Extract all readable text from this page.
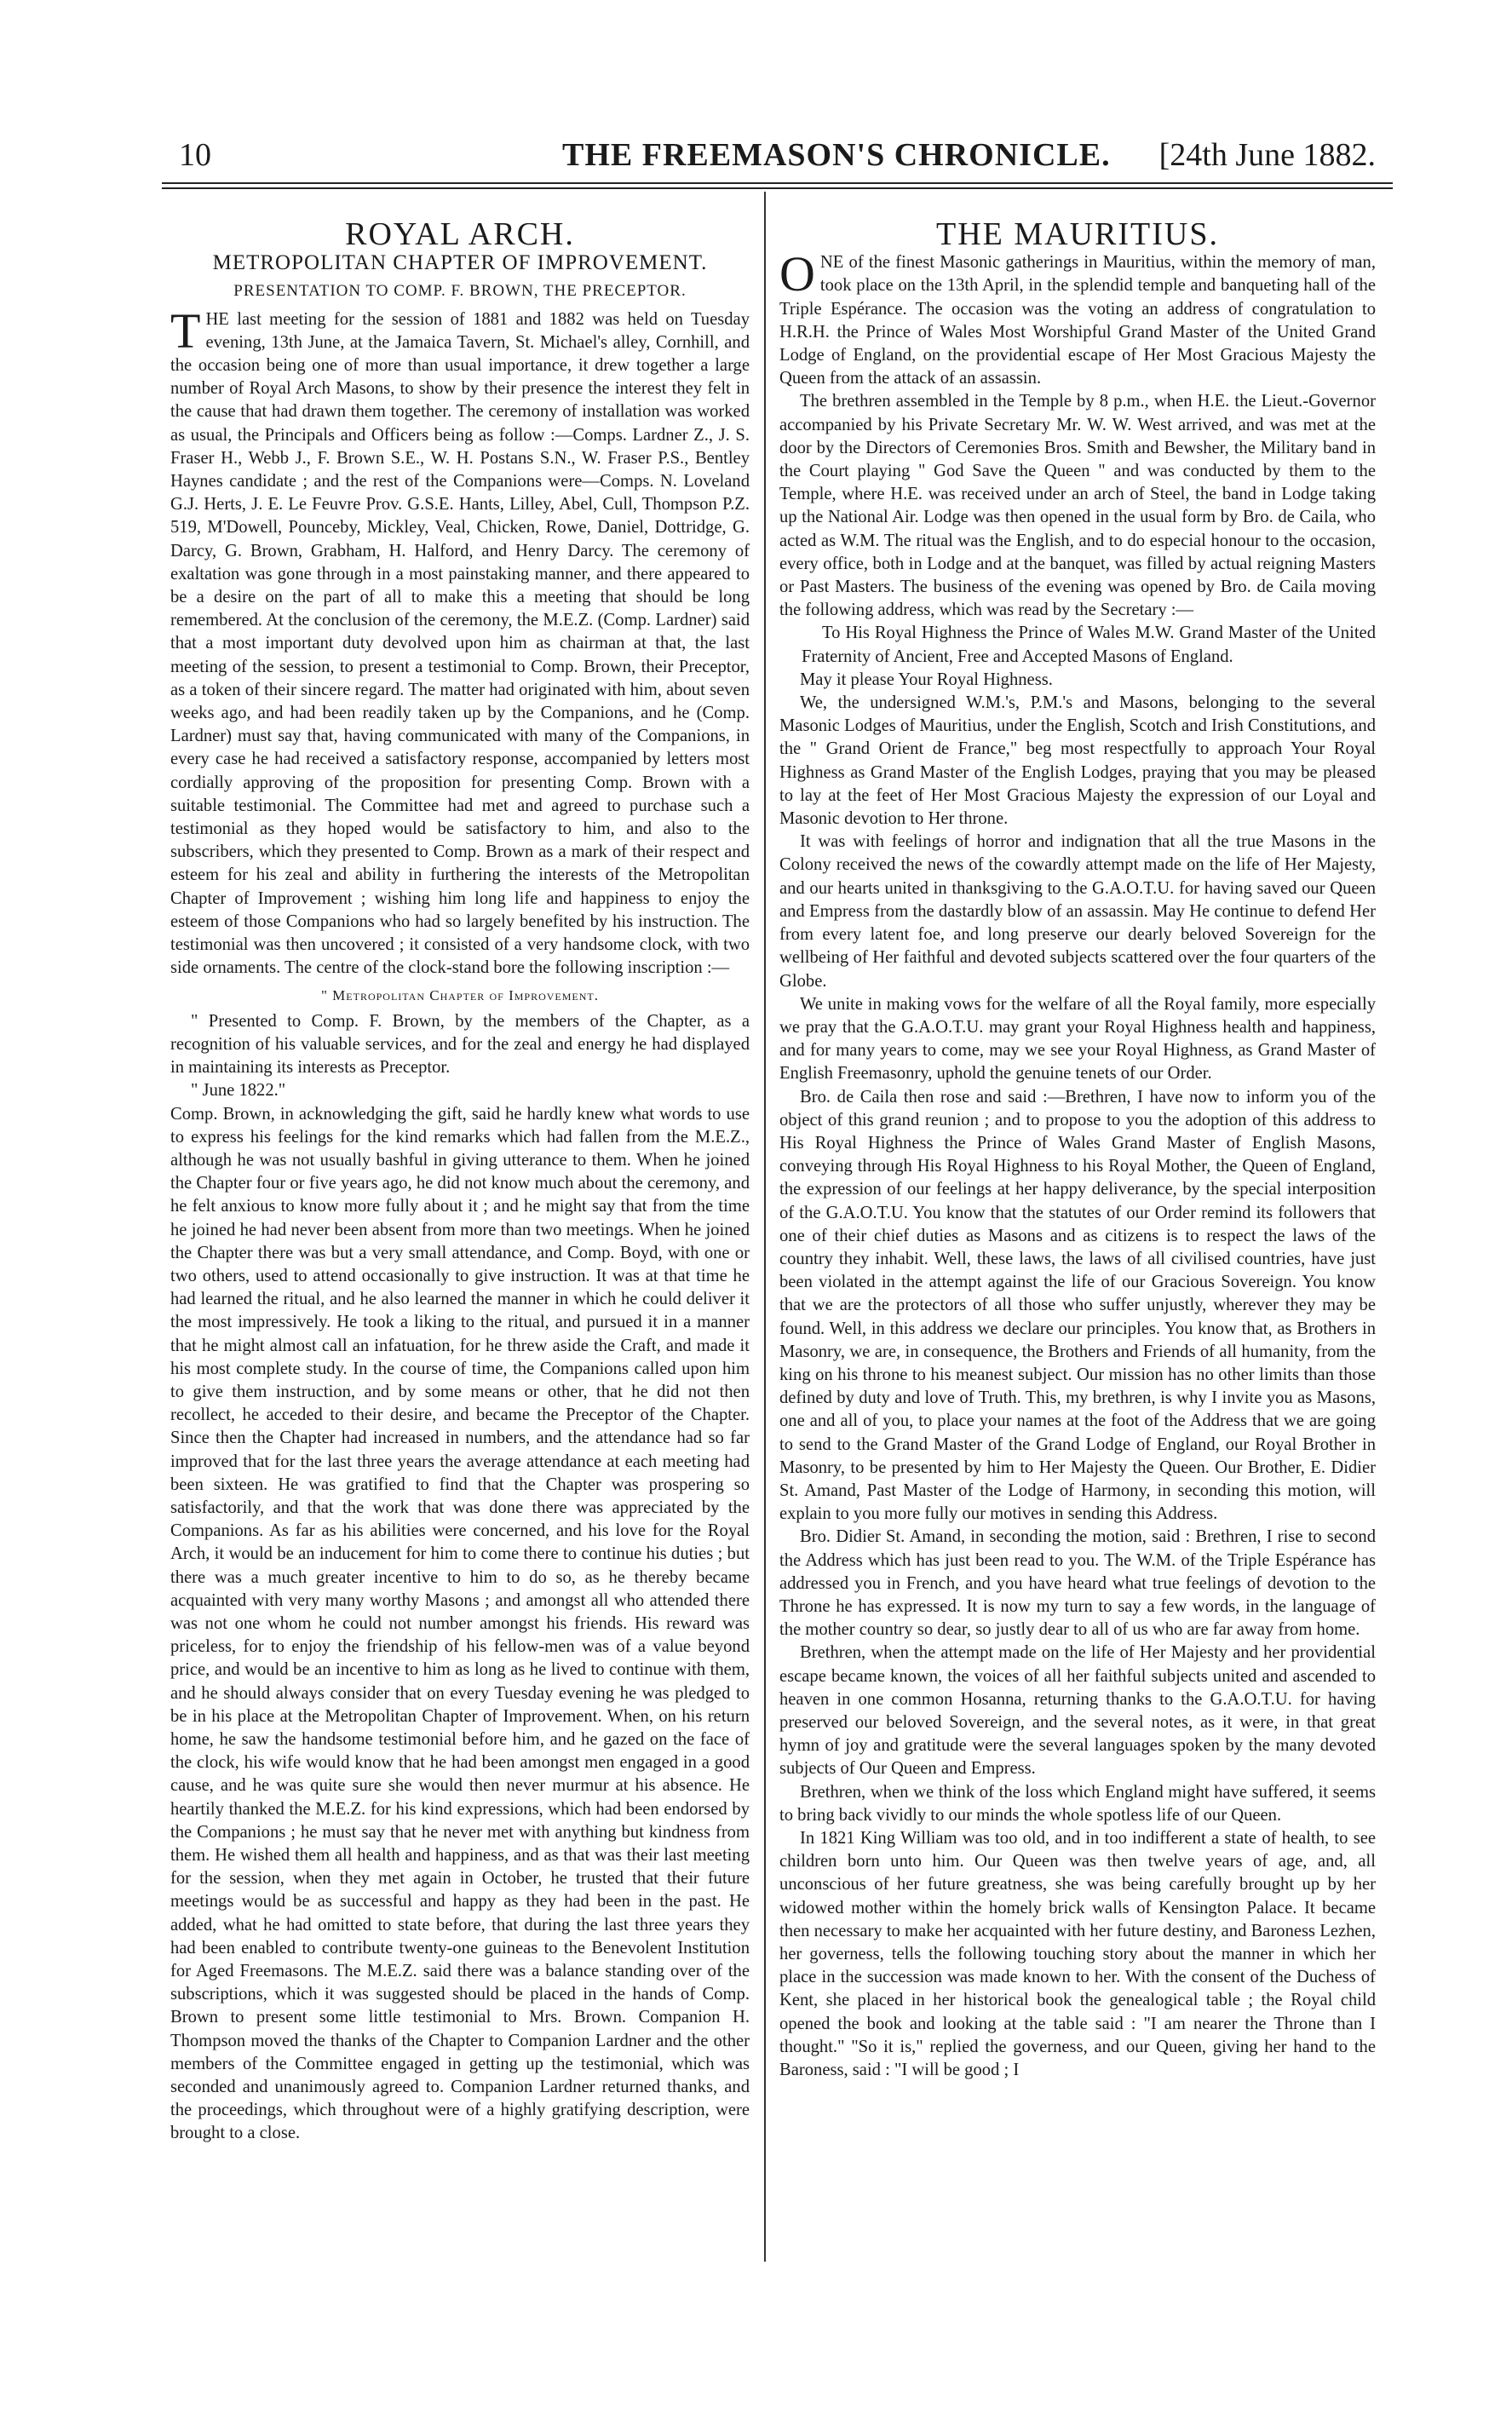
10	THE FREEMASON'S CHRONICLE. [24th June 1882.
ROYAL ARCH.
METROPOLITAN CHAPTER OF IMPROVEMENT.
PRESENTATION TO COMP. F. BROWN, THE PRECEPTOR.

THE last meeting for the session of 1881 and 1882 was held on Tuesday evening, 13th June, at the Jamaica Tavern, St. Michael's alley, Cornhill, and the occasion being one of more than usual importance, it drew together a large number of Royal Arch Masons, to show by their presence the interest they felt in the cause that had drawn them together. The ceremony of installation was worked as usual, the Principals and Officers being as follow :—Comps. Lardner Z., J. S. Fraser H., Webb J., F. Brown S.E., W. H. Postans S.N., W. Fraser P.S., Bentley Haynes candidate ; and the rest of the Companions were—Comps. N. Loveland G.J. Herts, J. E. Le Feuvre Prov. G.S.E. Hants, Lilley, Abel, Cull, Thompson P.Z. 519, M'Dowell, Pounceby, Mickley, Veal, Chicken, Rowe, Daniel, Dottridge, G. Darcy, G. Brown, Grabham, H. Halford, and Henry Darcy. The ceremony of exaltation was gone through in a most painstaking manner, and there appeared to be a desire on the part of all to make this a meeting that should be long remembered. At the conclusion of the ceremony, the M.E.Z. (Comp. Lardner) said that a most important duty devolved upon him as chairman at that, the last meeting of the session, to present a testimonial to Comp. Brown, their Preceptor, as a token of their sincere regard. The matter had originated with him, about seven weeks ago, and had been readily taken up by the Companions, and he (Comp. Lardner) must say that, having communicated with many of the Companions, in every case he had received a satisfactory response, accompanied by letters most cordially approving of the proposition for presenting Comp. Brown with a suitable testimonial. The Committee had met and agreed to purchase such a testimonial as they hoped would be satisfactory to him, and also to the subscribers, which they presented to Comp. Brown as a mark of their respect and esteem for his zeal and ability in furthering the interests of the Metropolitan Chapter of Improvement ; wishing him long life and happiness to enjoy the esteem of those Companions who had so largely benefited by his instruction. The testimonial was then uncovered ; it consisted of a very handsome clock, with two side ornaments. The centre of the clock-stand bore the following inscription :—

" Metropolitan Chapter of Improvement.

" Presented to Comp. F. Brown, by the members of the Chapter, as a recognition of his valuable services, and for the zeal and energy he had displayed in maintaining its interests as Preceptor.

" June 1822."

Comp. Brown, in acknowledging the gift, said he hardly knew what words to use to express his feelings for the kind remarks which had fallen from the M.E.Z., although he was not usually bashful in giving utterance to them. When he joined the Chapter four or five years ago, he did not know much about the ceremony, and he felt anxious to know more fully about it ; and he might say that from the time he joined he had never been absent from more than two meetings. When he joined the Chapter there was but a very small attendance, and Comp. Boyd, with one or two others, used to attend occasionally to give instruction. It was at that time he had learned the ritual, and he also learned the manner in which he could deliver it the most impressively. He took a liking to the ritual, and pursued it in a manner that he might almost call an infatuation, for he threw aside the Craft, and made it his most complete study. In the course of time, the Companions called upon him to give them instruction, and by some means or other, that he did not then recollect, he acceded to their desire, and became the Preceptor of the Chapter. Since then the Chapter had increased in numbers, and the attendance had so far improved that for the last three years the average attendance at each meeting had been sixteen. He was gratified to find that the Chapter was prospering so satisfactorily, and that the work that was done there was appreciated by the Companions. As far as his abilities were concerned, and his love for the Royal Arch, it would be an inducement for him to come there to continue his duties ; but there was a much greater incentive to him to do so, as he thereby became acquainted with very many worthy Masons ; and amongst all who attended there was not one whom he could not number amongst his friends. His reward was priceless, for to enjoy the friendship of his fellow-men was of a value beyond price, and would be an incentive to him as long as he lived to continue with them, and he should always consider that on every Tuesday evening he was pledged to be in his place at the Metropolitan Chapter of Improvement. When, on his return home, he saw the handsome testimonial before him, and he gazed on the face of the clock, his wife would know that he had been amongst men engaged in a good cause, and he was quite sure she would then never murmur at his absence. He heartily thanked the M.E.Z. for his kind expressions, which had been endorsed by the Companions ; he must say that he never met with anything but kindness from them. He wished them all health and happiness, and as that was their last meeting for the session, when they met again in October, he trusted that their future meetings would be as successful and happy as they had been in the past. He added, what he had omitted to state before, that during the last three years they had been enabled to contribute twenty-one guineas to the Benevolent Institution for Aged Freemasons. The M.E.Z. said there was a balance standing over of the subscriptions, which it was suggested should be placed in the hands of Comp. Brown to present some little testimonial to Mrs. Brown. Companion H. Thompson moved the thanks of the Chapter to Companion Lardner and the other members of the Committee engaged in getting up the testimonial, which was seconded and unanimously agreed to. Companion Lardner returned thanks, and the proceedings, which throughout were of a highly gratifying description, were brought to a close.

THE MAURITIUS.

ONE of the finest Masonic gatherings in Mauritius, within the memory of man, took place on the 13th April, in the splendid temple and banqueting hall of the Triple Espérance. The occasion was the voting an address of congratulation to H.R.H. the Prince of Wales Most Worshipful Grand Master of the United Grand Lodge of England, on the providential escape of Her Most Gracious Majesty the Queen from the attack of an assassin.

The brethren assembled in the Temple by 8 p.m., when H.E. the Lieut.-Governor accompanied by his Private Secretary Mr. W. W. West arrived, and was met at the door by the Directors of Ceremonies Bros. Smith and Bewsher, the Military band in the Court playing " God Save the Queen " and was conducted by them to the Temple, where H.E. was received under an arch of Steel, the band in Lodge taking up the National Air. Lodge was then opened in the usual form by Bro. de Caila, who acted as W.M. The ritual was the English, and to do especial honour to the occasion, every office, both in Lodge and at the banquet, was filled by actual reigning Masters or Past Masters. The business of the evening was opened by Bro. de Caila moving the following address, which was read by the Secretary :—

To His Royal Highness the Prince of Wales M.W. Grand Master of the United Fraternity of Ancient, Free and Accepted Masons of England.

May it please Your Royal Highness.

We, the undersigned W.M.'s, P.M.'s and Masons, belonging to the several Masonic Lodges of Mauritius, under the English, Scotch and Irish Constitutions, and the " Grand Orient de France," beg most respectfully to approach Your Royal Highness as Grand Master of the English Lodges, praying that you may be pleased to lay at the feet of Her Most Gracious Majesty the expression of our Loyal and Masonic devotion to Her throne.

It was with feelings of horror and indignation that all the true Masons in the Colony received the news of the cowardly attempt made on the life of Her Majesty, and our hearts united in thanksgiving to the G.A.O.T.U. for having saved our Queen and Empress from the dastardly blow of an assassin. May He continue to defend Her from every latent foe, and long preserve our dearly beloved Sovereign for the wellbeing of Her faithful and devoted subjects scattered over the four quarters of the Globe.

We unite in making vows for the welfare of all the Royal family, more especially we pray that the G.A.O.T.U. may grant your Royal Highness health and happiness, and for many years to come, may we see your Royal Highness, as Grand Master of English Freemasonry, uphold the genuine tenets of our Order.

Bro. de Caila then rose and said :—Brethren, I have now to inform you of the object of this grand reunion ; and to propose to you the adoption of this address to His Royal Highness the Prince of Wales Grand Master of English Masons, conveying through His Royal Highness to his Royal Mother, the Queen of England, the expression of our feelings at her happy deliverance, by the special interposition of the G.A.O.T.U. You know that the statutes of our Order remind its followers that one of their chief duties as Masons and as citizens is to respect the laws of the country they inhabit. Well, these laws, the laws of all civilised countries, have just been violated in the attempt against the life of our Gracious Sovereign. You know that we are the protectors of all those who suffer unjustly, wherever they may be found. Well, in this address we declare our principles. You know that, as Brothers in Masonry, we are, in consequence, the Brothers and Friends of all humanity, from the king on his throne to his meanest subject. Our mission has no other limits than those defined by duty and love of Truth. This, my brethren, is why I invite you as Masons, one and all of you, to place your names at the foot of the Address that we are going to send to the Grand Master of the Grand Lodge of England, our Royal Brother in Masonry, to be presented by him to Her Majesty the Queen. Our Brother, E. Didier St. Amand, Past Master of the Lodge of Harmony, in seconding this motion, will explain to you more fully our motives in sending this Address.

Bro. Didier St. Amand, in seconding the motion, said : Brethren, I rise to second the Address which has just been read to you. The W.M. of the Triple Espérance has addressed you in French, and you have heard what true feelings of devotion to the Throne he has expressed. It is now my turn to say a few words, in the language of the mother country so dear, so justly dear to all of us who are far away from home.

Brethren, when the attempt made on the life of Her Majesty and her providential escape became known, the voices of all her faithful subjects united and ascended to heaven in one common Hosanna, returning thanks to the G.A.O.T.U. for having preserved our beloved Sovereign, and the several notes, as it were, in that great hymn of joy and gratitude were the several languages spoken by the many devoted subjects of Our Queen and Empress.

Brethren, when we think of the loss which England might have suffered, it seems to bring back vividly to our minds the whole spotless life of our Queen.

In 1821 King William was too old, and in too indifferent a state of health, to see children born unto him. Our Queen was then twelve years of age, and, all unconscious of her future greatness, she was being carefully brought up by her widowed mother within the homely brick walls of Kensington Palace. It became then necessary to make her acquainted with her future destiny, and Baroness Lezhen, her governess, tells the following touching story about the manner in which her place in the succession was made known to her. With the consent of the Duchess of Kent, she placed in her historical book the genealogical table ; the Royal child opened the book and looking at the table said : "I am nearer the Throne than I thought." "So it is," replied the governess, and our Queen, giving her hand to the Baroness, said : "I will be good ; I
